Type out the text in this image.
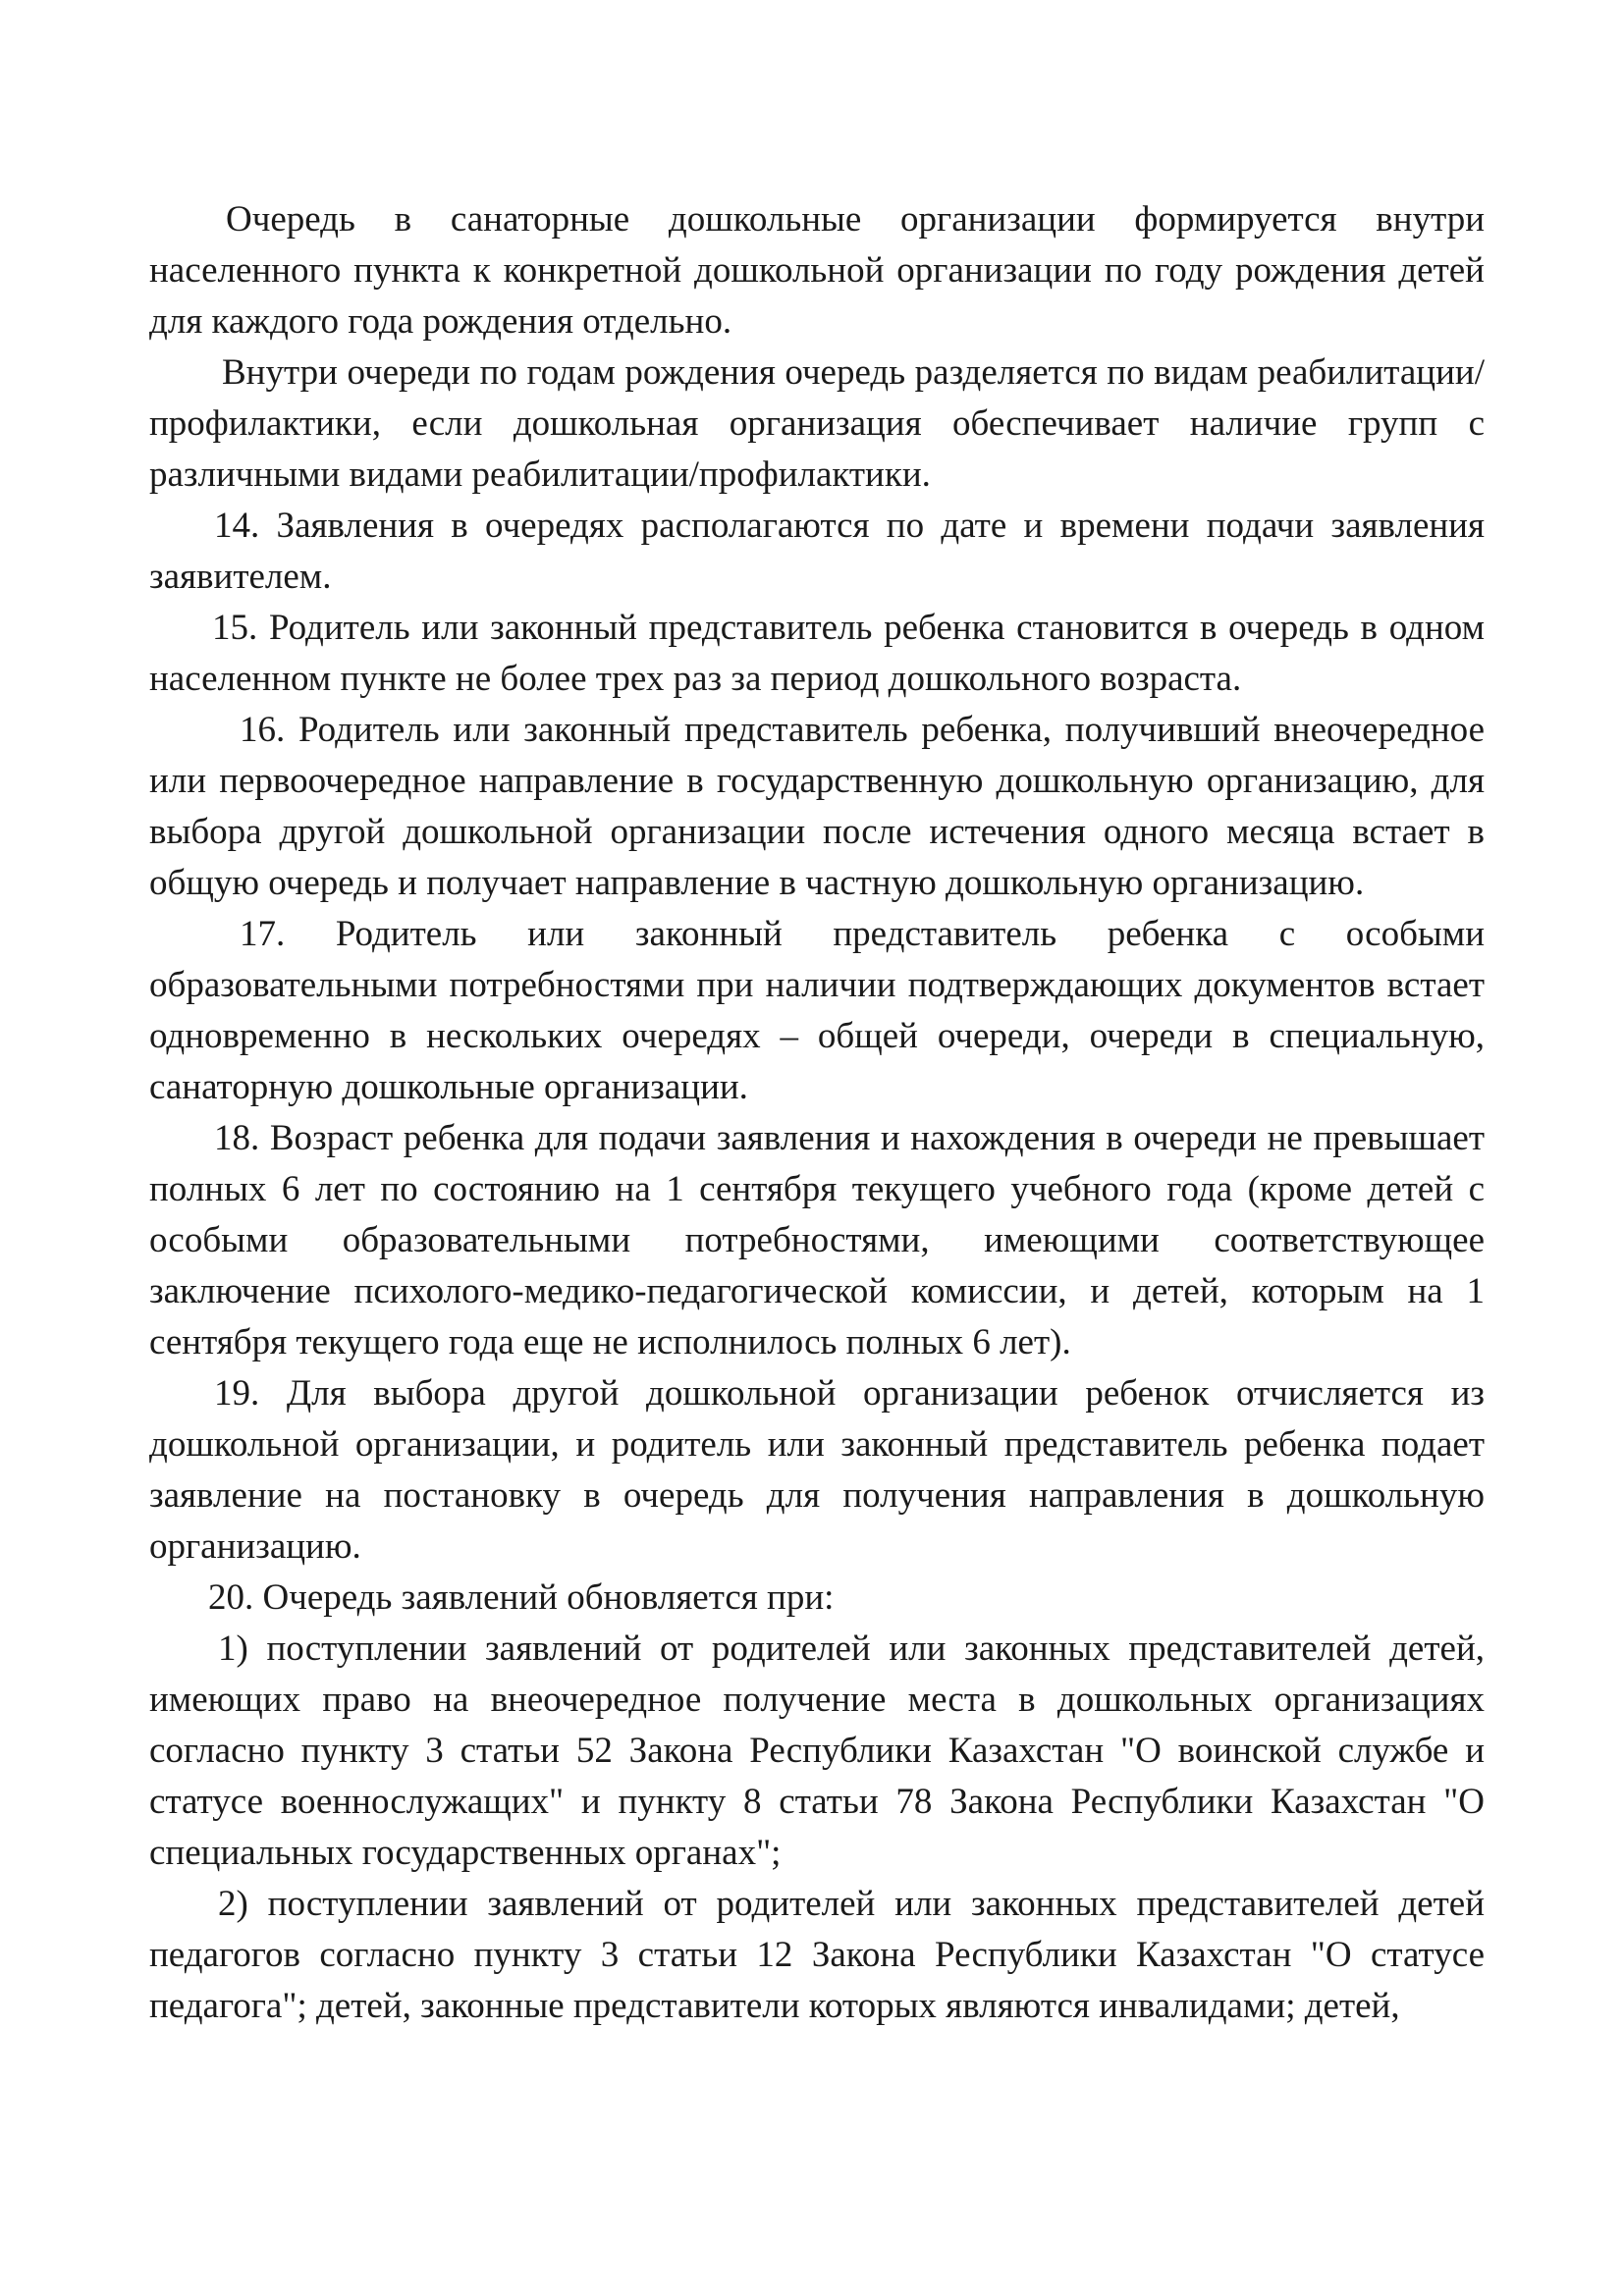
Очередь в санаторные дошкольные организации формируется внутри населенного пункта к конкретной дошкольной организации по году рождения детей для каждого года рождения отдельно.

Внутри очереди по годам рождения очередь разделяется по видам реабилитации/профилактики, если дошкольная организация обеспечивает наличие групп с различными видами реабилитации/профилактики.

14. Заявления в очередях располагаются по дате и времени подачи заявления заявителем.

15. Родитель или законный представитель ребенка становится в очередь в одном населенном пункте не более трех раз за период дошкольного возраста.

16. Родитель или законный представитель ребенка, получивший внеочередное или первоочередное направление в государственную дошкольную организацию, для выбора другой дошкольной организации после истечения одного месяца встает в общую очередь и получает направление в частную дошкольную организацию.

17. Родитель или законный представитель ребенка с особыми образовательными потребностями при наличии подтверждающих документов встает одновременно в нескольких очередях – общей очереди, очереди в специальную, санаторную дошкольные организации.

18. Возраст ребенка для подачи заявления и нахождения в очереди не превышает полных 6 лет по состоянию на 1 сентября текущего учебного года (кроме детей с особыми образовательными потребностями, имеющими соответствующее заключение психолого-медико-педагогической комиссии, и детей, которым на 1 сентября текущего года еще не исполнилось полных 6 лет).

19. Для выбора другой дошкольной организации ребенок отчисляется из дошкольной организации, и родитель или законный представитель ребенка подает заявление на постановку в очередь для получения направления в дошкольную организацию.

20. Очередь заявлений обновляется при:

1) поступлении заявлений от родителей или законных представителей детей, имеющих право на внеочередное получение места в дошкольных организациях согласно пункту 3 статьи 52 Закона Республики Казахстан "О воинской службе и статусе военнослужащих" и пункту 8 статьи 78 Закона Республики Казахстан "О специальных государственных органах";

2) поступлении заявлений от родителей или законных представителей детей педагогов согласно пункту 3 статьи 12 Закона Республики Казахстан "О статусе педагога"; детей, законные представители которых являются инвалидами; детей,
